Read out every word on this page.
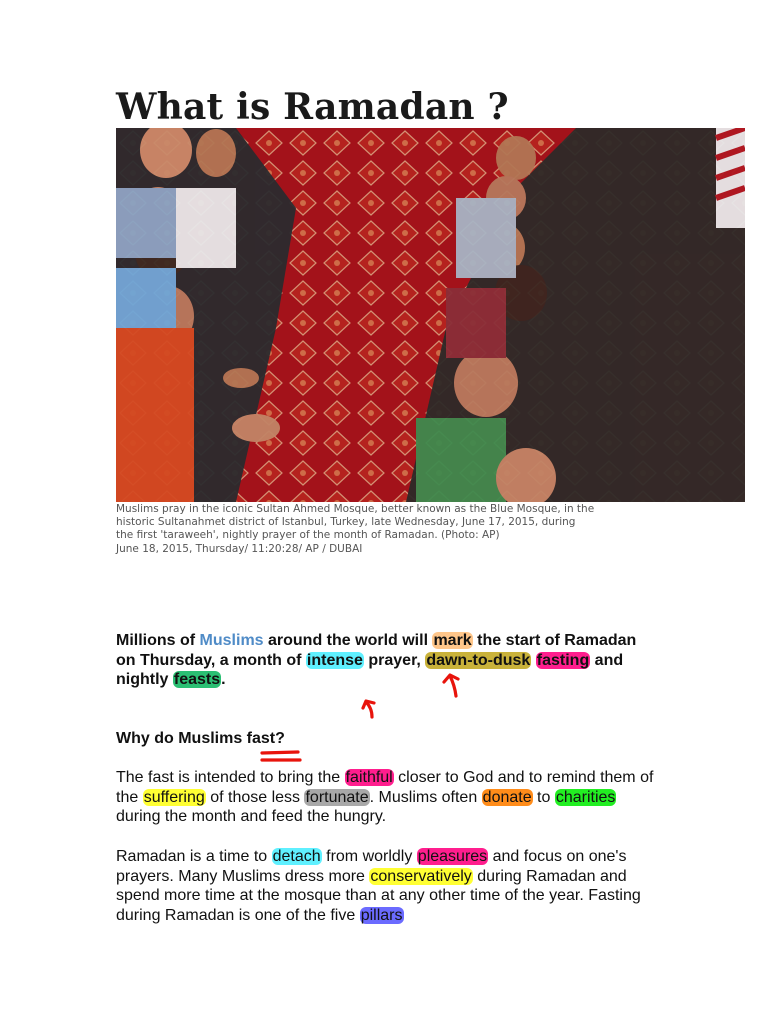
What is Ramadan ?

Muslims pray in the iconic Sultan Ahmed Mosque, better known as the Blue Mosque, in the

historic Sultanahmet district of Istanbul, Turkey, late Wednesday, June 17, 2015, during

the first 'taraweeh', nightly prayer of the month of Ramadan. (Photo: AP)

June 18, 2015, Thursday/ 11:20:28/ AP / DUBAI

Millions of Muslims around the world will mark the start of Ramadan on Thursday, a month of intense prayer, dawn-to-dusk fasting and nightly feasts.

Why do Muslims fast?

The fast is intended to bring the faithful closer to God and to remind them of the suffering of those less fortunate. Muslims often donate to charities during the month and feed the hungry.

Ramadan is a time to detach from worldly pleasures and focus on one's prayers. Many Muslims dress more conservatively during Ramadan and spend more time at the mosque than at any other time of the year. Fasting during Ramadan is one of the five pillars
